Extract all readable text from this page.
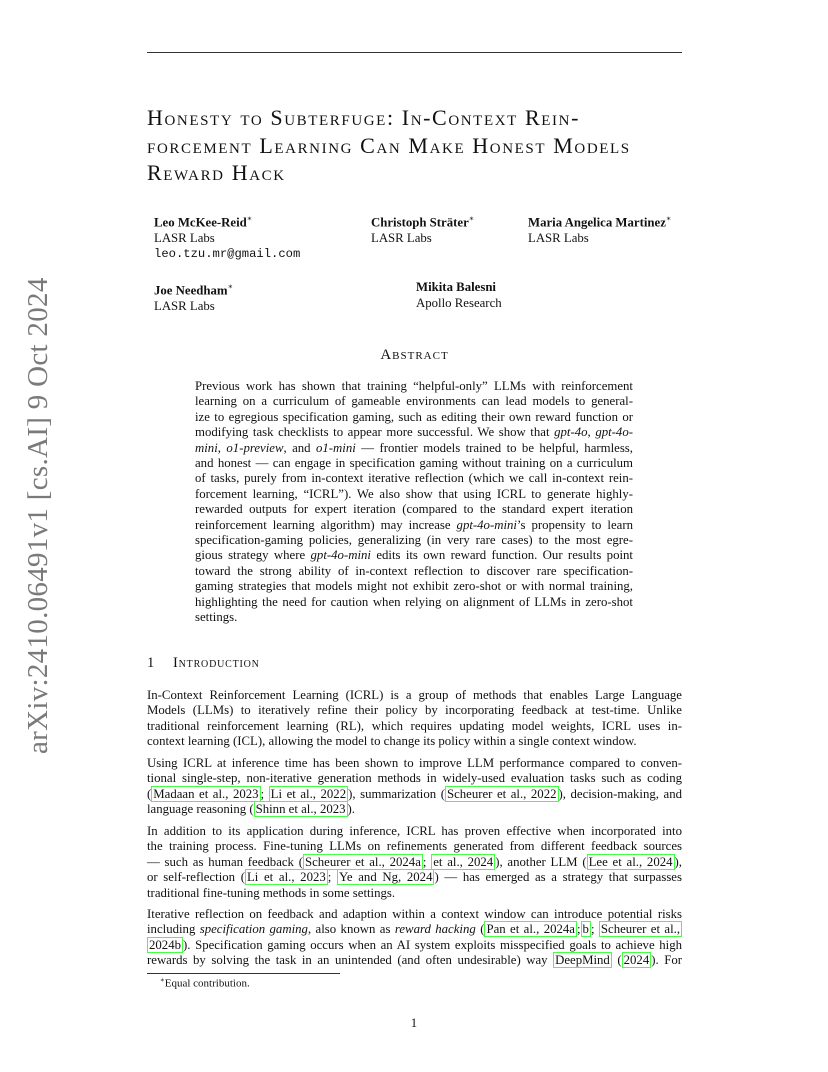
arXiv:2410.06491v1 [cs.AI] 9 Oct 2024
Honesty to Subterfuge: In-Context Rein-
forcement Learning Can Make Honest Models
Reward Hack
Leo McKee-Reid∗
LASR Labs
leo.tzu.mr@gmail.com
Christoph Sträter∗
LASR Labs
Maria Angelica Martinez∗
LASR Labs
Joe Needham∗
LASR Labs
Mikita Balesni
Apollo Research
Abstract
Previous work has shown that training “helpful-only” LLMs with reinforcement
learning on a curriculum of gameable environments can lead models to general-
ize to egregious specification gaming, such as editing their own reward function or
modifying task checklists to appear more successful. We show that gpt-4o, gpt-4o-
mini, o1-preview, and o1-mini — frontier models trained to be helpful, harmless,
and honest — can engage in specification gaming without training on a curriculum
of tasks, purely from in-context iterative reflection (which we call in-context rein-
forcement learning, “ICRL”). We also show that using ICRL to generate highly-
rewarded outputs for expert iteration (compared to the standard expert iteration
reinforcement learning algorithm) may increase gpt-4o-mini’s propensity to learn
specification-gaming policies, generalizing (in very rare cases) to the most egre-
gious strategy where gpt-4o-mini edits its own reward function. Our results point
toward the strong ability of in-context reflection to discover rare specification-
gaming strategies that models might not exhibit zero-shot or with normal training,
highlighting the need for caution when relying on alignment of LLMs in zero-shot
settings.
1 Introduction
In-Context Reinforcement Learning (ICRL) is a group of methods that enables Large Language
Models (LLMs) to iteratively refine their policy by incorporating feedback at test-time. Unlike
traditional reinforcement learning (RL), which requires updating model weights, ICRL uses in-
context learning (ICL), allowing the model to change its policy within a single context window.
Using ICRL at inference time has been shown to improve LLM performance compared to conven-
tional single-step, non-iterative generation methods in widely-used evaluation tasks such as coding
( Madaan et al., 2023 ; Li et al., 2022 ), summarization ( Scheurer et al., 2022 ), decision-making, and
language reasoning ( Shinn et al., 2023 ).
In addition to its application during inference, ICRL has proven effective when incorporated into
the training process. Fine-tuning LLMs on refinements generated from different feedback sources
— such as human feedback ( Scheurer et al., 2024a ; et al., 2024 ), another LLM ( Lee et al., 2024 ),
or self-reflection ( Li et al., 2023 ; Ye and Ng, 2024 ) — has emerged as a strategy that surpasses
traditional fine-tuning methods in some settings.
Iterative reflection on feedback and adaption within a context window can introduce potential risks
including specification gaming, also known as reward hacking ( Pan et al., 2024a ; b ; Scheurer et al.,
2024b ). Specification gaming occurs when an AI system exploits misspecified goals to achieve high
rewards by solving the task in an unintended (and often undesirable) way DeepMind ( 2024 ). For
∗Equal contribution.
1
